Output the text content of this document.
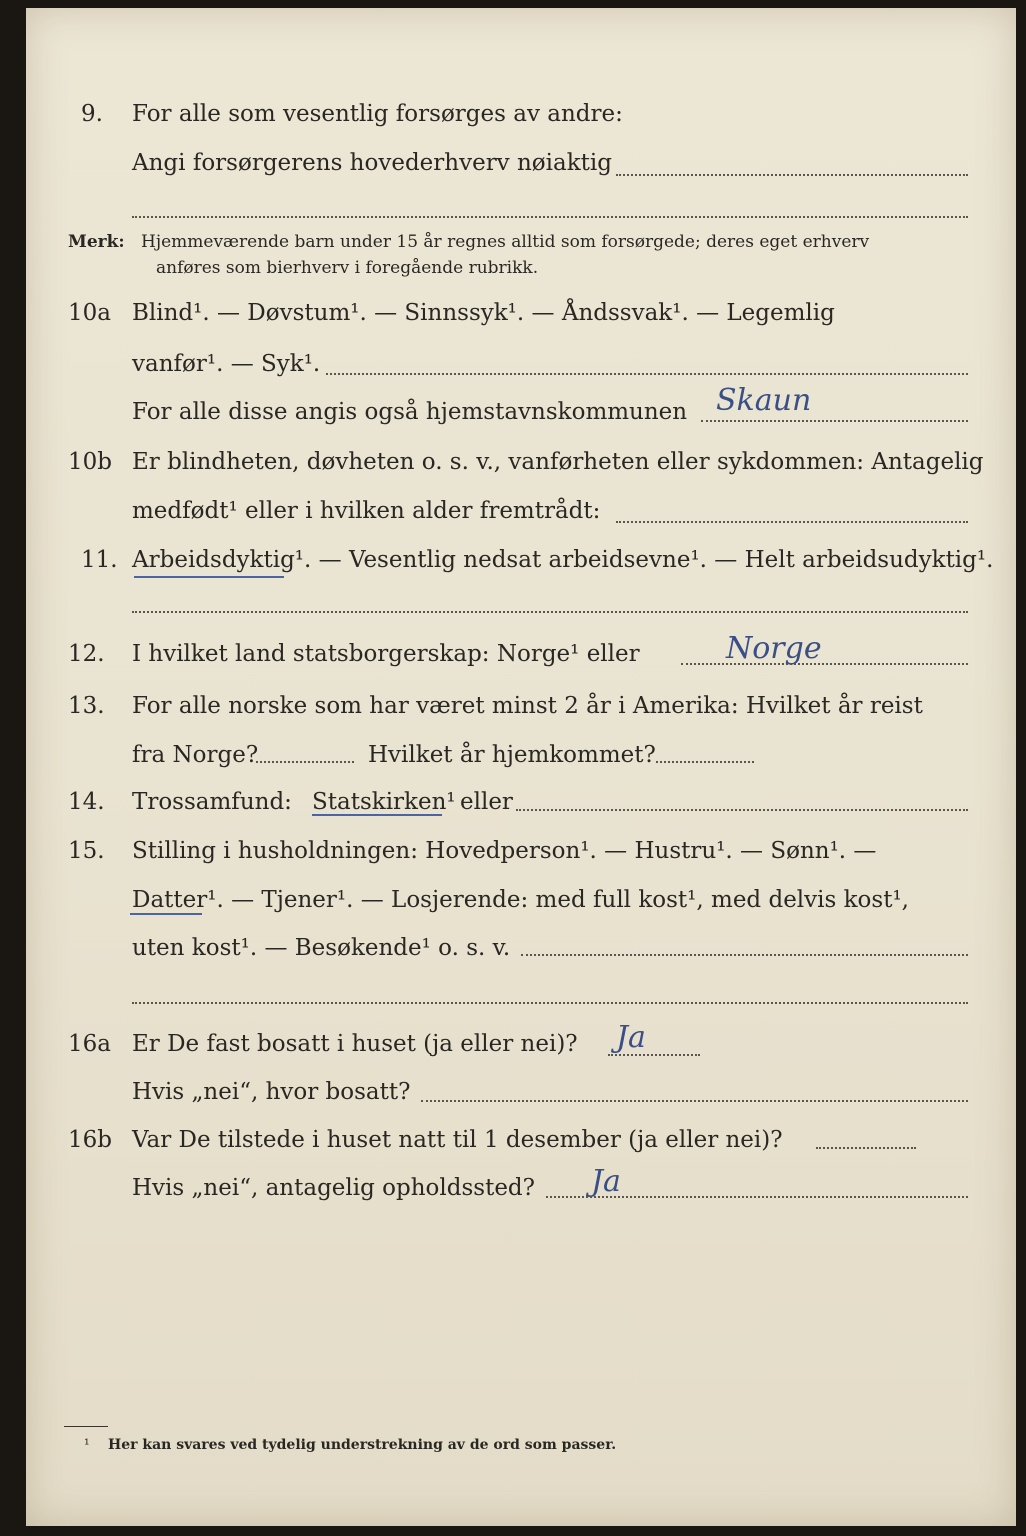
9. For alle som vesentlig forsørges av andre:
Angi forsørgerens hovederhverv nøiaktig
Merk: Hjemmeværende barn under 15 år regnes alltid som forsørgede; deres eget erhverv
anføres som bierhverv i foregående rubrikk.
10a Blind¹. — Døvstum¹. — Sinnssyk¹. — Åndssvak¹. — Legemlig
vanfør¹. — Syk¹.
For alle disse angis også hjemstavnskommunen Skaun
10b Er blindheten, døvheten o. s. v., vanførheten eller sykdommen: Antagelig
medfødt¹ eller i hvilken alder fremtrådt:
11. Arbeidsdyktig¹. — Vesentlig nedsat arbeidsevne¹. — Helt arbeidsudyktig¹.
12. I hvilket land statsborgerskap: Norge¹ eller	Norge
13. For alle norske som har været minst 2 år i Amerika: Hvilket år reist
fra Norge?	Hvilket år hjemkommet?
14. Trossamfund: Statskirken¹ eller
15. Stilling i husholdningen: Hovedperson¹. — Hustru¹. — Sønn¹. —
Datter¹. — Tjener¹. — Losjerende: med full kost¹, med delvis kost¹,
uten kost¹. — Besøkende¹ o. s. v.
16a Er De fast bosatt i huset (ja eller nei)? Ja
Hvis „nei“, hvor bosatt?
16b Var De tilstede i huset natt til 1 desember (ja eller nei)?
Hvis „nei“, antagelig opholdssted? Ja
¹ Her kan svares ved tydelig understrekning av de ord som passer.
